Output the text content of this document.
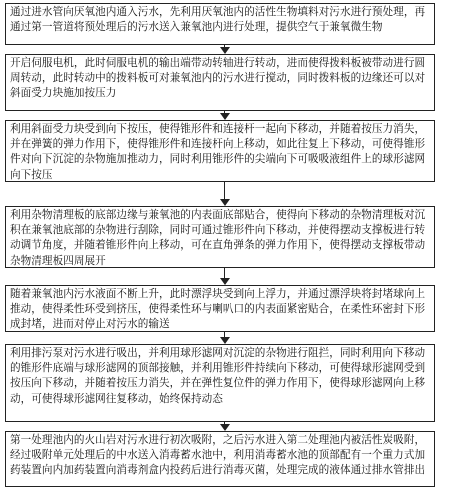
通过进水管向厌氧池内通入污水，先利用厌氧池内的活性生物填料对污水进行预处理，再通过第一管道将预处理后的污水送入兼氧池内进行处理，提供空气于兼氧微生物
开启伺服电机，此时伺服电机的输出端带动转轴进行转动，进而使得拨料板被带动进行圆周转动，此时转动中的拨料板可对兼氧池内的污水进行搅动，同时拨料板的边缘还可以对斜面受力块施加按压力
利用斜面受力块受到向下按压，使得锥形件和连接杆一起向下移动，并随着按压力消失，并在弹簧的弹力作用下，使得锥形件和连接杆向上移动，如此往复上下移动，可使得锥形件对向下沉淀的杂物施加推动力，同时利用锥形件的尖端向下可吸吸液组件上的球形滤网向下按压
利用杂物清理板的底部边缘与兼氧池的内表面底部贴合，使得向下移动的杂物清理板对沉积在兼氧池底部的杂物进行刮除，同时可通过锥形件向下移动，并使得摆动支撑板进行转动调节角度，并随着锥形件向上移动，可在直角弹条的弹力作用下，使得摆动支撑板带动杂物清理板四周展开
随着兼氧池内污水液面不断上升，此时漂浮块受到向上浮力，并通过漂浮块将封堵球向上推动，使得柔性环受到挤压，使得柔性环与喇叭口的内表面紧密贴合，在柔性环密封下形成封堵，进而对停止对污水的输送
利用排污泵对污水进行吸出，并利用球形滤网对沉淀的杂物进行阻拦，同时利用向下移动的锥形件底端与球形滤网的顶部接触，并利用锥形件持续向下移动，可使得球形滤网受到按压向下移动，并随着按压力消失，并在弹性复位件的弹力作用下，使得球形滤网向上移动，可使得球形滤网往复移动，始终保持动态
第一处理池内的火山岩对污水进行初次吸附，之后污水进入第二处理池内被活性炭吸附，经过吸附单元处理后的中水送入消毒蓄水池中，利用消毒蓄水池的顶部配有一个重力式加药装置向内加药装置向消毒剂盒内投药后进行消毒灭菌，处理完成的液体通过排水管排出
